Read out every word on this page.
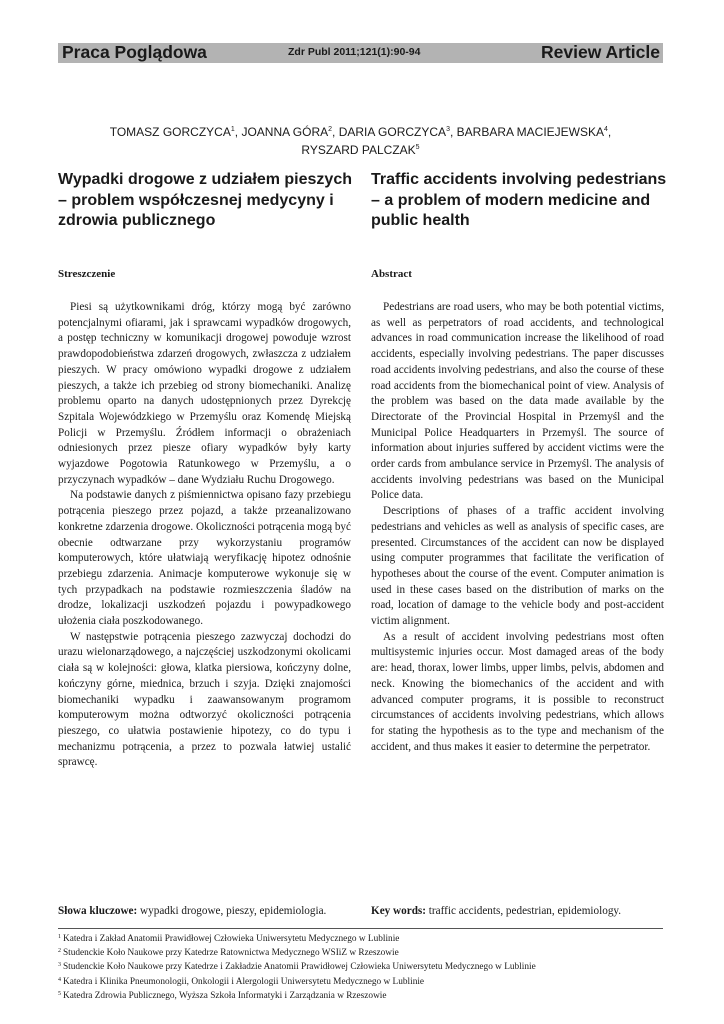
Praca Poglądowa	Zdr Publ 2011;121(1):90-94	Review Article
TOMASZ GORCZYCA$^1$, JOANNA GÓRA$^2$, DARIA GORCZYCA$^3$, BARBARA MACIEJEWSKA$^4$,
RYSZARD PALCZAK$^5$
Wypadki drogowe z udziałem pieszych – problem współczesnej medycyny i zdrowia publicznego
Traffic accidents involving pedestrians – a problem of modern medicine and public health
Streszczenie	Abstract

Piesi są użytkownikami dróg, którzy mogą być zarówno potencjalnymi ofiarami, jak i sprawcami wypadków drogowych, a postęp techniczny w komunikacji drogowej powoduje wzrost prawdopodobieństwa zdarzeń drogowych, zwłaszcza z udziałem pieszych. W pracy omówiono wypadki drogowe z udziałem pieszych, a także ich przebieg od strony biomechaniki. Analizę problemu oparto na danych udostępnionych przez Dyrekcję Szpitala Wojewódzkiego w Przemyślu oraz Komendę Miejską Policji w Przemyślu. Źródłem informacji o obrażeniach odniesionych przez piesze ofiary wypadków były karty wyjazdowe Pogotowia Ratunkowego w Przemyślu, a o przyczynach wypadków – dane Wydziału Ruchu Drogowego.

Na podstawie danych z piśmiennictwa opisano fazy przebiegu potrącenia pieszego przez pojazd, a także przeanalizowano konkretne zdarzenia drogowe. Okoliczności potrącenia mogą być obecnie odtwarzane przy wykorzystaniu programów komputerowych, które ułatwiają weryfikację hipotez odnośnie przebiegu zdarzenia. Animacje komputerowe wykonuje się w tych przypadkach na podstawie rozmieszczenia śladów na drodze, lokalizacji uszkodzeń pojazdu i powypadkowego ułożenia ciała poszkodowanego.

W następstwie potrącenia pieszego zazwyczaj dochodzi do urazu wielonarządowego, a najczęściej uszkodzonymi okolicami ciała są w kolejności: głowa, klatka piersiowa, kończyny dolne, kończyny górne, miednica, brzuch i szyja. Dzięki znajomości biomechaniki wypadku i zaawansowanym programom komputerowym można odtworzyć okoliczności potrącenia pieszego, co ułatwia postawienie hipotezy, co do typu i mechanizmu potrącenia, a przez to pozwala łatwiej ustalić sprawcę.

Pedestrians are road users, who may be both potential victims, as well as perpetrators of road accidents, and technological advances in road communication increase the likelihood of road accidents, especially involving pedestrians. The paper discusses road accidents involving pedestrians, and also the course of these road accidents from the biomechanical point of view. Analysis of the problem was based on the data made available by the Directorate of the Provincial Hospital in Przemyśl and the Municipal Police Headquarters in Przemyśl. The source of information about injuries suffered by accident victims were the order cards from ambulance service in Przemyśl. The analysis of accidents involving pedestrians was based on the Municipal Police data.

Descriptions of phases of a traffic accident involving pedestrians and vehicles as well as analysis of specific cases, are presented. Circumstances of the accident can now be displayed using computer programmes that facilitate the verification of hypotheses about the course of the event. Computer animation is used in these cases based on the distribution of marks on the road, location of damage to the vehicle body and post-accident victim alignment.

As a result of accident involving pedestrians most often multisystemic injuries occur. Most damaged areas of the body are: head, thorax, lower limbs, upper limbs, pelvis, abdomen and neck. Knowing the biomechanics of the accident and with advanced computer programs, it is possible to reconstruct circumstances of accidents involving pedestrians, which allows for stating the hypothesis as to the type and mechanism of the accident, and thus makes it easier to determine the perpetrator.

Słowa kluczowe: wypadki drogowe, pieszy, epidemiologia.	Key words: traffic accidents, pedestrian, epidemiology.
$^1$ Katedra i Zakład Anatomii Prawidłowej Człowieka Uniwersytetu Medycznego w Lublinie
$^2$ Studenckie Koło Naukowe przy Katedrze Ratownictwa Medycznego WSIiZ w Rzeszowie
$^3$ Studenckie Koło Naukowe przy Katedrze i Zakładzie Anatomii Prawidłowej Człowieka Uniwersytetu Medycznego w Lublinie
$^4$ Katedra i Klinika Pneumonologii, Onkologii i Alergologii Uniwersytetu Medycznego w Lublinie
$^5$ Katedra Zdrowia Publicznego, Wyższa Szkoła Informatyki i Zarządzania w Rzeszowie
